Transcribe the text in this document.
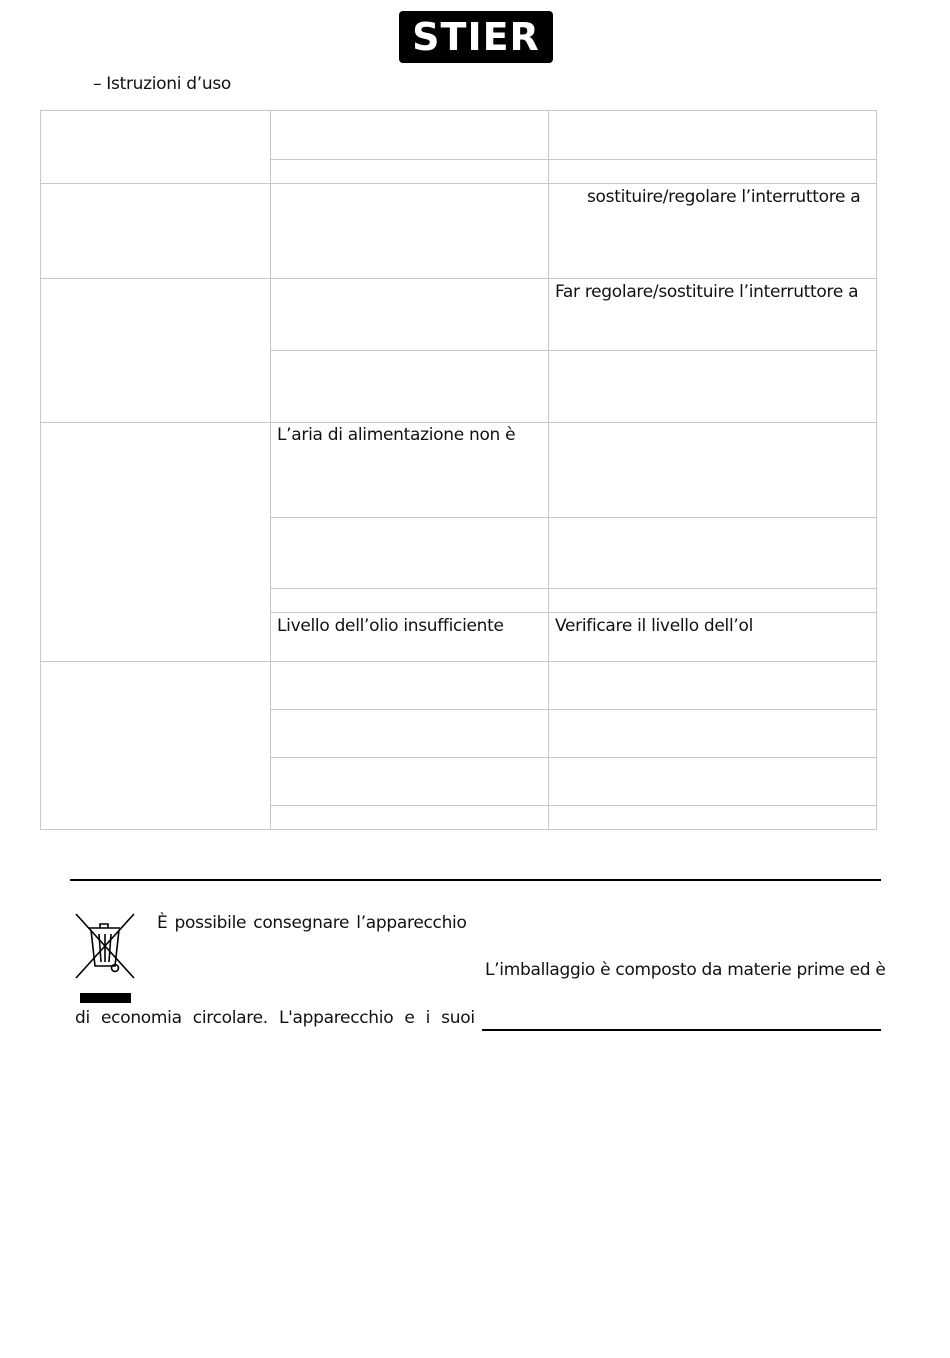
STIER
– Istruzioni d’uso
sostituire/regolare l’interruttore a
Far regolare/sostituire l’interruttore a
L’aria di alimentazione non è
Livello dell’olio insufficiente	Verificare il livello dell’ol
È possibile consegnare l’apparecchio
L’imballaggio è composto da materie prime ed è
di economia circolare. L'apparecchio e i suoi
